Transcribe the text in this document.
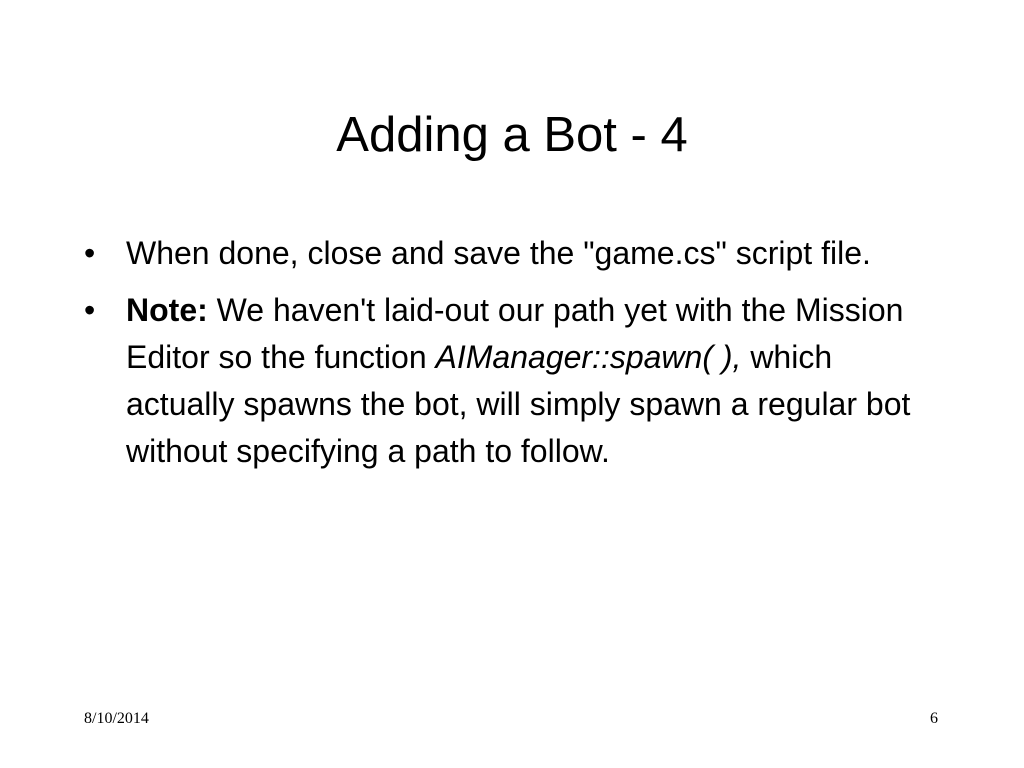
Adding a Bot - 4
• When done, close and save the "game.cs" script file.
• Note: We haven't laid-out our path yet with the Mission Editor so the function AIManager::spawn( ), which actually spawns the bot, will simply spawn a regular bot without specifying a path to follow.
8/10/2014	6
